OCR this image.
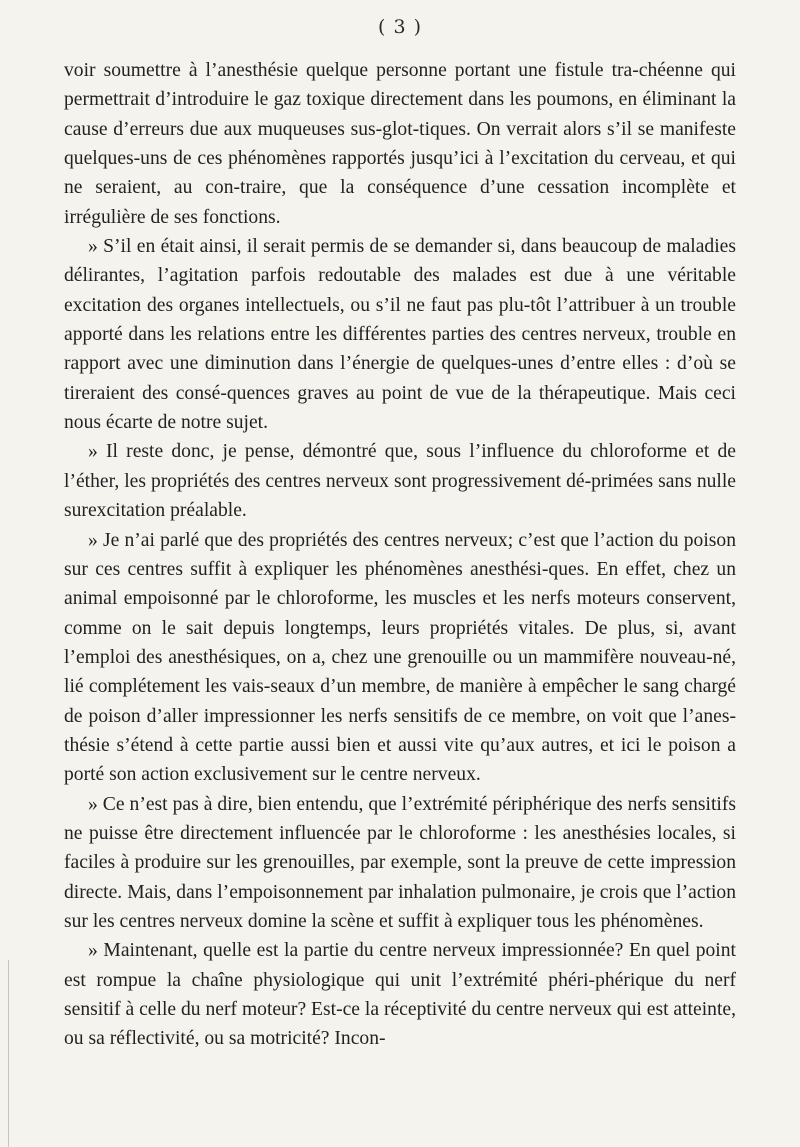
( 3 )

voir soumettre à l’anesthésie quelque personne portant une fistule tra-chéenne qui permettrait d’introduire le gaz toxique directement dans les poumons, en éliminant la cause d’erreurs due aux muqueuses sus-glot-tiques. On verrait alors s’il se manifeste quelques-uns de ces phénomènes rapportés jusqu’ici à l’excitation du cerveau, et qui ne seraient, au con-traire, que la conséquence d’une cessation incomplète et irrégulière de ses fonctions.

» S’il en était ainsi, il serait permis de se demander si, dans beaucoup de maladies délirantes, l’agitation parfois redoutable des malades est due à une véritable excitation des organes intellectuels, ou s’il ne faut pas plu-tôt l’attribuer à un trouble apporté dans les relations entre les différentes parties des centres nerveux, trouble en rapport avec une diminution dans l’énergie de quelques-unes d’entre elles : d’où se tireraient des consé-quences graves au point de vue de la thérapeutique. Mais ceci nous écarte de notre sujet.

» Il reste donc, je pense, démontré que, sous l’influence du chloroforme et de l’éther, les propriétés des centres nerveux sont progressivement dé-primées sans nulle surexcitation préalable.

» Je n’ai parlé que des propriétés des centres nerveux; c’est que l’action du poison sur ces centres suffit à expliquer les phénomènes anesthési-ques. En effet, chez un animal empoisonné par le chloroforme, les muscles et les nerfs moteurs conservent, comme on le sait depuis longtemps, leurs propriétés vitales. De plus, si, avant l’emploi des anesthésiques, on a, chez une grenouille ou un mammifère nouveau-né, lié complétement les vais-seaux d’un membre, de manière à empêcher le sang chargé de poison d’aller impressionner les nerfs sensitifs de ce membre, on voit que l’anes-thésie s’étend à cette partie aussi bien et aussi vite qu’aux autres, et ici le poison a porté son action exclusivement sur le centre nerveux.

» Ce n’est pas à dire, bien entendu, que l’extrémité périphérique des nerfs sensitifs ne puisse être directement influencée par le chloroforme : les anesthésies locales, si faciles à produire sur les grenouilles, par exemple, sont la preuve de cette impression directe. Mais, dans l’empoisonnement par inhalation pulmonaire, je crois que l’action sur les centres nerveux domine la scène et suffit à expliquer tous les phénomènes.

» Maintenant, quelle est la partie du centre nerveux impressionnée? En quel point est rompue la chaîne physiologique qui unit l’extrémité phéri-phérique du nerf sensitif à celle du nerf moteur? Est-ce la réceptivité du centre nerveux qui est atteinte, ou sa réflectivité, ou sa motricité? Incon-
